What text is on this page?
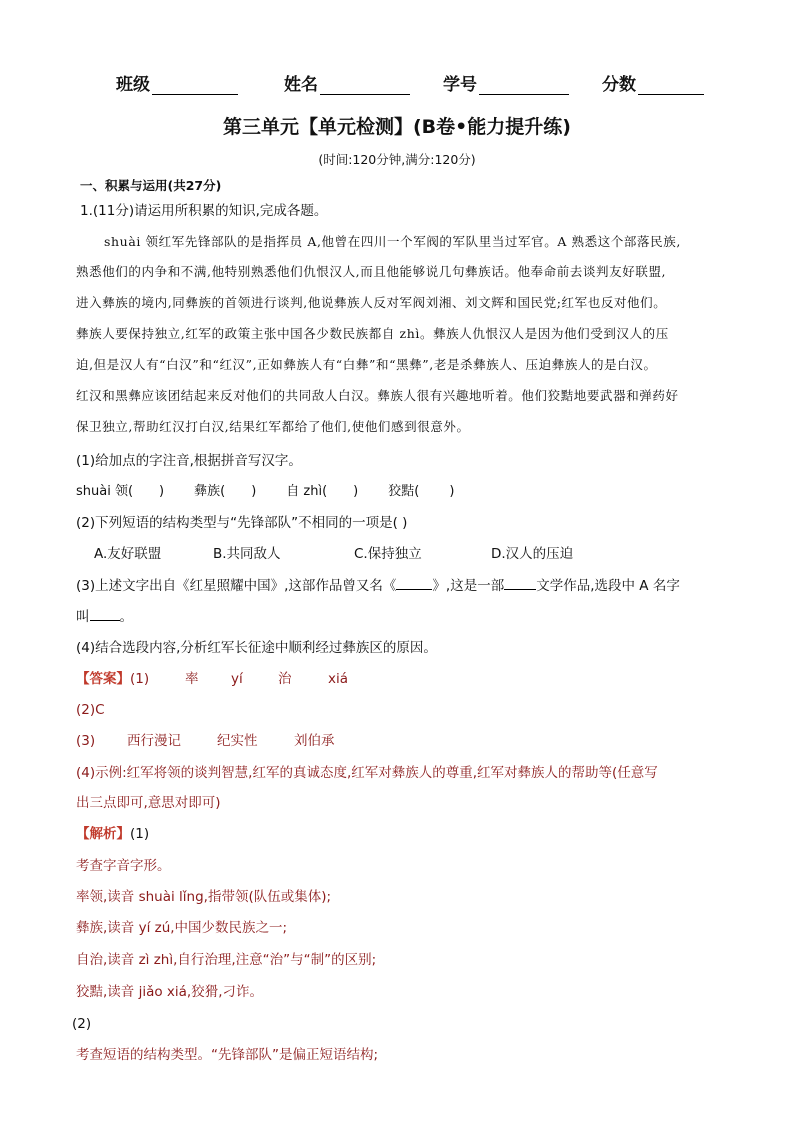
班级	姓名	学号	分数
第三单元【单元检测】(B卷•能力提升练)
(时间:120分钟,满分:120分)
一、积累与运用(共27分)
1.(11分)请运用所积累的知识,完成各题。
shuài 领红军先锋部队的是指挥员 A,他曾在四川一个军阀的军队里当过军官。A 熟悉这个部落民族,
熟悉他们的内争和不满,他特别熟悉他们仇恨汉人,而且他能够说几句彝族话。他奉命前去谈判友好联盟,
进入彝族的境内,同彝族的首领进行谈判,他说彝族人反对军阀刘湘、刘文辉和国民党;红军也反对他们。
彝族人要保持独立,红军的政策主张中国各少数民族都自 zhì。彝族人仇恨汉人是因为他们受到汉人的压
迫,但是汉人有“白汉”和“红汉”,正如彝族人有“白彝”和“黑彝”,老是杀彝族人、压迫彝族人的是白汉。
红汉和黑彝应该团结起来反对他们的共同敌人白汉。彝族人很有兴趣地听着。他们狡黠地要武器和弹药好
保卫独立,帮助红汉打白汉,结果红军都给了他们,使他们感到很意外。
(1)给加点的字注音,根据拼音写汉字。
shuài 领( ) 彝族( ) 自 zhì( ) 狡黠( )
(2)下列短语的结构类型与“先锋部队”不相同的一项是( )
A.友好联盟	B.共同敌人	C.保持独立	D.汉人的压迫
(3)上述文字出自《红星照耀中国》,这部作品曾又名《	》,这是一部 文学作品,选段中 A 名字
叫 。
(4)结合选段内容,分析红军长征途中顺利经过彝族区的原因。
【答案】(1)	率 yí	治	xiá
(2)C
(3) 西行漫记	纪实性	刘伯承
(4)示例:红军将领的谈判智慧,红军的真诚态度,红军对彝族人的尊重,红军对彝族人的帮助等(任意写
出三点即可,意思对即可)
【解析】(1)
考查字音字形。
率领,读音 shuài lǐng,指带领(队伍或集体);
彝族,读音 yí zú,中国少数民族之一;
自治,读音 zì zhì,自行治理,注意“治”与“制”的区别;
狡黠,读音 jiǎo xiá,狡猾,刁诈。
(2)
考查短语的结构类型。“先锋部队”是偏正短语结构;
